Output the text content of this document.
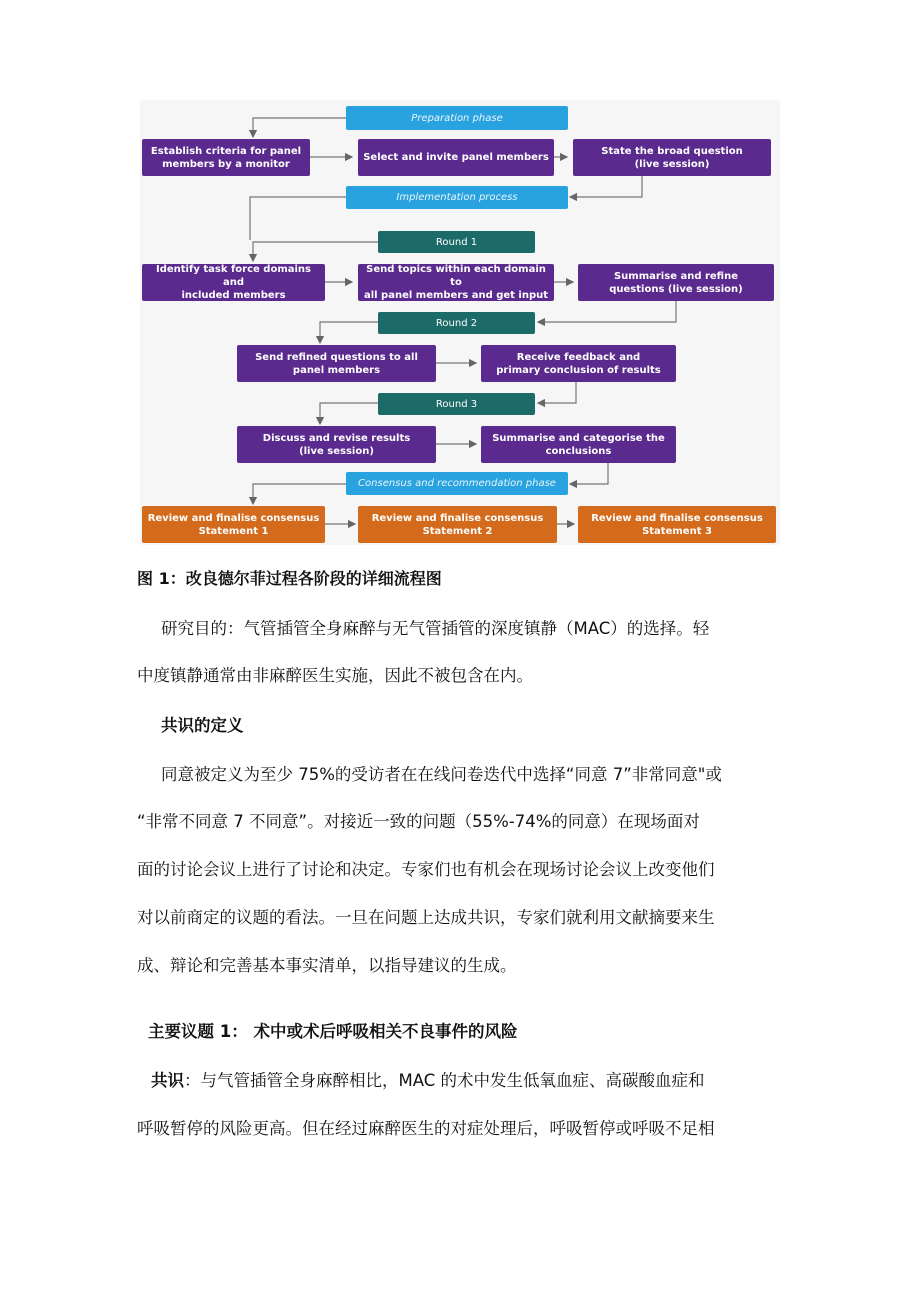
Preparation phase
Implementation process
Consensus and recommendation phase
Establish criteria for panel
members by a monitor
Select and invite panel members
State the broad question
(live session)
Round 1
Identify task force domains and
included members
Send topics within each domain to
all panel members and get input
Summarise and refine
questions (live session)
Round 2
Send refined questions to all
panel members
Receive feedback and
primary conclusion of results
Round 3
Discuss and revise results
(live session)
Summarise and categorise the
conclusions
Review and finalise consensus
Statement 1
Review and finalise consensus
Statement 2
Review and finalise consensus
Statement 3
图 1：改良德尔菲过程各阶段的详细流程图
研究目的：气管插管全身麻醉与无气管插管的深度镇静（MAC）的选择。轻
中度镇静通常由非麻醉医生实施，因此不被包含在内。
共识的定义
同意被定义为至少 75%的受访者在在线问卷迭代中选择“同意 7”非常同意"或
“非常不同意 7 不同意”。对接近一致的问题（55%-74%的同意）在现场面对
面的讨论会议上进行了讨论和决定。专家们也有机会在现场讨论会议上改变他们
对以前商定的议题的看法。一旦在问题上达成共识，专家们就利用文献摘要来生
成、辩论和完善基本事实清单，以指导建议的生成。
主要议题 1： 术中或术后呼吸相关不良事件的风险
共识：与气管插管全身麻醉相比，MAC 的术中发生低氧血症、高碳酸血症和
呼吸暂停的风险更高。但在经过麻醉医生的对症处理后，呼吸暂停或呼吸不足相
